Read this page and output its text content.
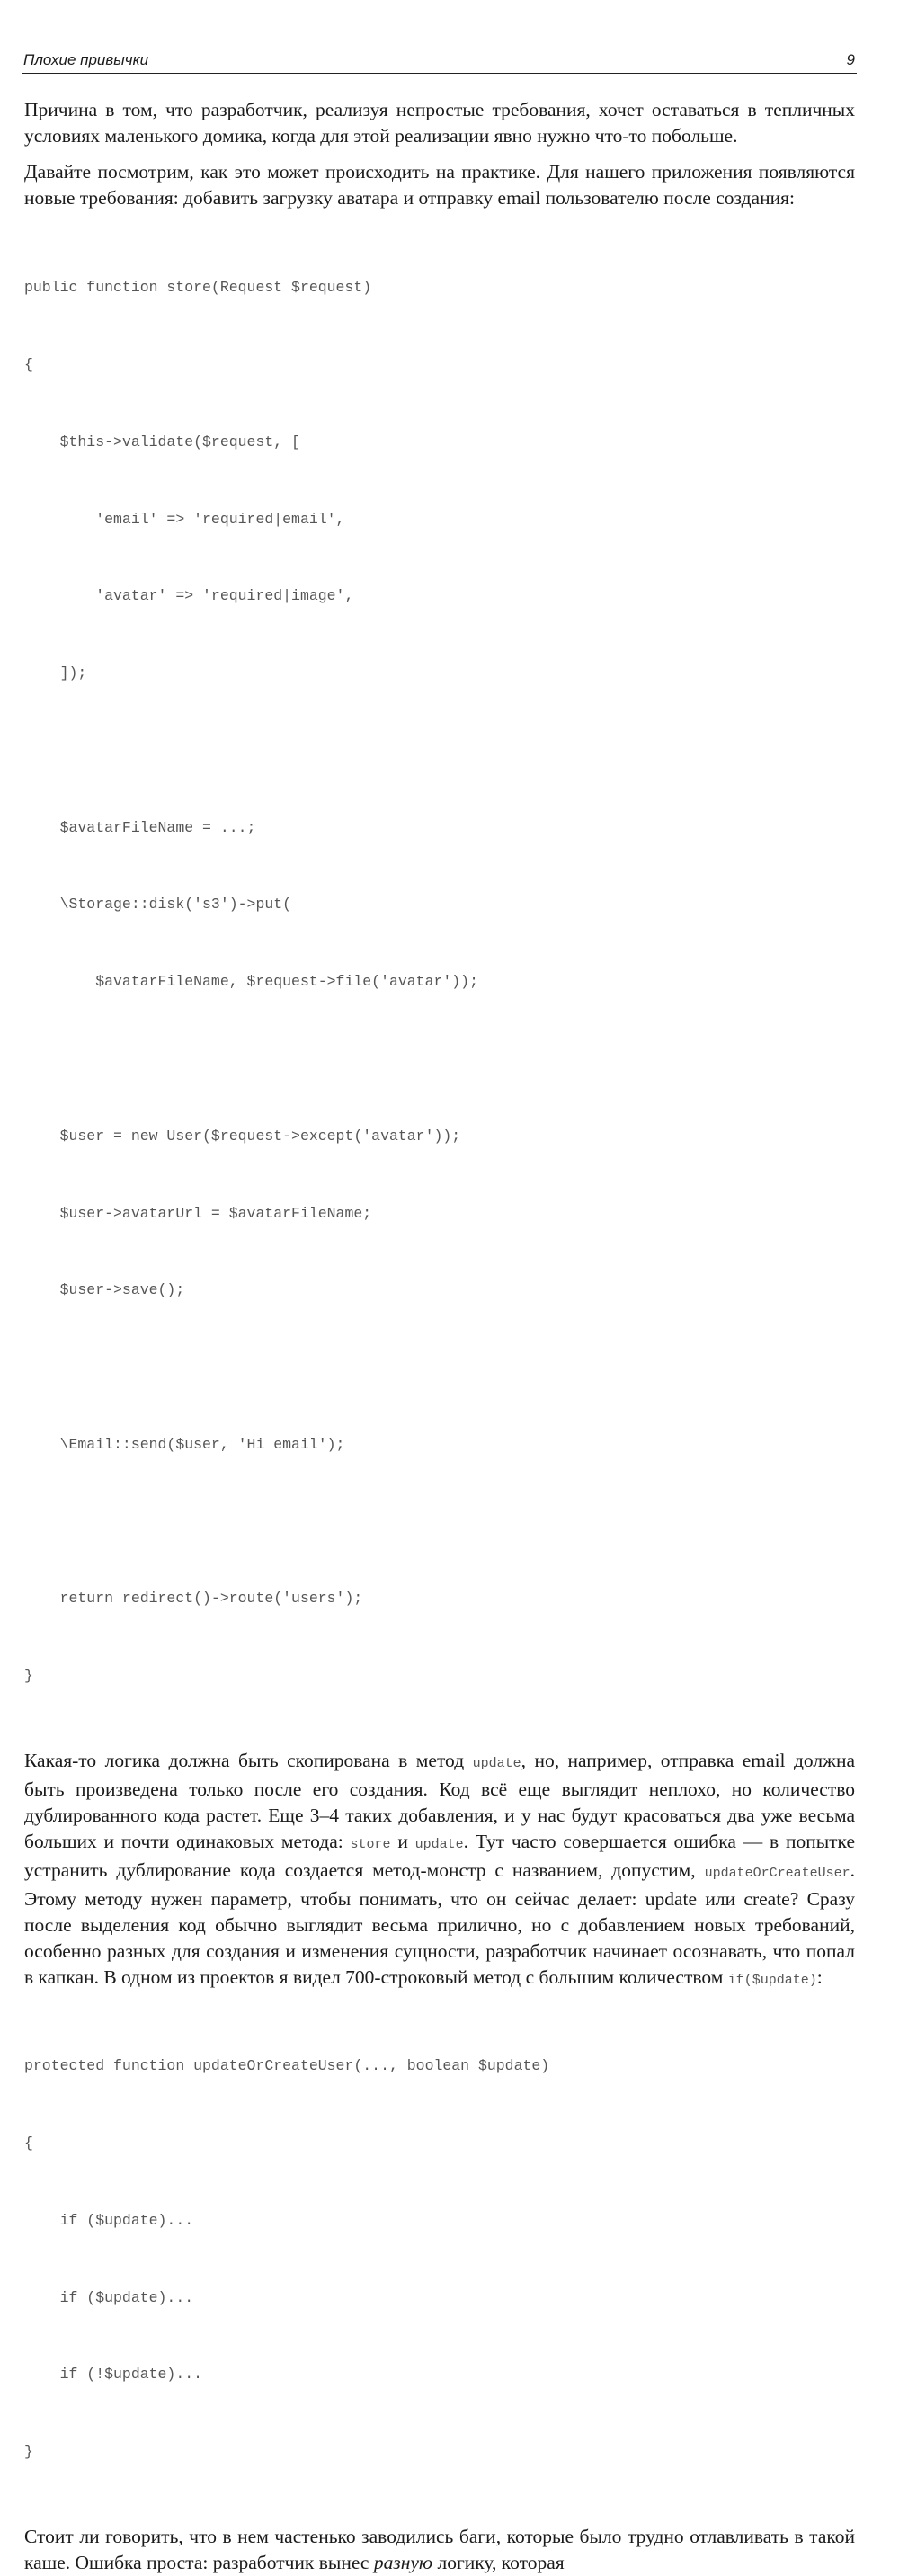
Плохие привычки	9

Причина в том, что разработчик, реализуя непростые требования, хочет оставаться в тепличных условиях маленького домика, когда для этой реализации явно нужно что-то побольше.

Давайте посмотрим, как это может происходить на практике. Для нашего приложения появляются новые требования: добавить загрузку аватара и отправку email пользователю после создания:

public function store(Request $request)

{

$this->validate($request, [

'email' => 'required|email',

'avatar' => 'required|image',

]);

$avatarFileName = ...;

\Storage::disk('s3')->put(

$avatarFileName, $request->file('avatar'));

$user = new User($request->except('avatar'));

$user->avatarUrl = $avatarFileName;

$user->save();

\Email::send($user, 'Hi email');

return redirect()->route('users');

}

Какая-то логика должна быть скопирована в метод update, но, например, отправка email должна быть произведена только после его создания. Код всё еще выглядит неплохо, но количество дублированного кода растет. Еще 3–4 таких добавления, и у нас будут красоваться два уже весьма больших и почти одинаковых метода: store и update. Тут часто совершается ошибка — в попытке устранить дублирование кода создается метод-монстр с названием, допустим, updateOrCreateUser. Этому методу нужен параметр, чтобы понимать, что он сейчас делает: update или create? Сразу после выделения код обычно выглядит весьма прилично, но с добавлением новых требований, особенно разных для создания и изменения сущности, разработчик начинает осознавать, что попал в капкан. В одном из проектов я видел 700-строковый метод с большим количеством if($update):

protected function updateOrCreateUser(..., boolean $update)

{

if ($update)...

if ($update)...

if (!$update)...

}

Стоит ли говорить, что в нем частенько заводились баги, которые было трудно отлавливать в такой каше. Ошибка проста: разработчик вынес разную логику, которая
